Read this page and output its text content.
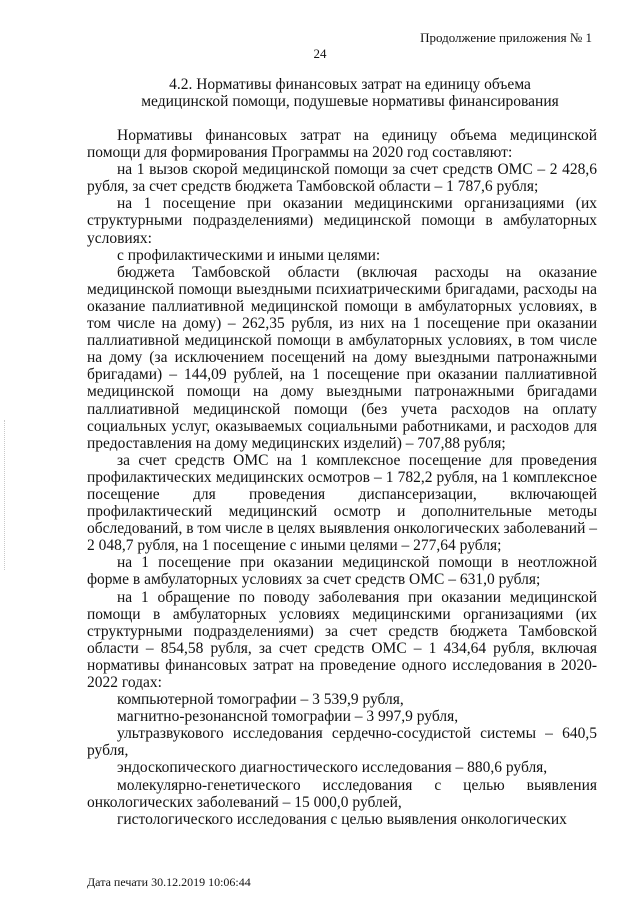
Продолжение приложения № 1
24
4.2. Нормативы финансовых затрат на единицу объема
медицинской помощи, подушевые нормативы финансирования

Нормативы финансовых затрат на единицу объема медицинской помощи для формирования Программы на 2020 год составляют:

на 1 вызов скорой медицинской помощи за счет средств ОМС – 2 428,6 рубля, за счет средств бюджета Тамбовской области – 1 787,6 рубля;

на 1 посещение при оказании медицинскими организациями (их структурными подразделениями) медицинской помощи в амбулаторных условиях:

с профилактическими и иными целями:

бюджета Тамбовской области (включая расходы на оказание медицинской помощи выездными психиатрическими бригадами, расходы на оказание паллиативной медицинской помощи в амбулаторных условиях, в том числе на дому) – 262,35 рубля, из них на 1 посещение при оказании паллиативной медицинской помощи в амбулаторных условиях, в том числе на дому (за исключением посещений на дому выездными патронажными бригадами) – 144,09 рублей, на 1 посещение при оказании паллиативной медицинской помощи на дому выездными патронажными бригадами паллиативной медицинской помощи (без учета расходов на оплату социальных услуг, оказываемых социальными работниками, и расходов для предоставления на дому медицинских изделий) – 707,88 рубля;

за счет средств ОМС на 1 комплексное посещение для проведения профилактических медицинских осмотров – 1 782,2 рубля, на 1 комплексное посещение для проведения диспансеризации, включающей профилактический медицинский осмотр и дополнительные методы обследований, в том числе в целях выявления онкологических заболеваний – 2 048,7 рубля, на 1 посещение с иными целями – 277,64 рубля;

на 1 посещение при оказании медицинской помощи в неотложной форме в амбулаторных условиях за счет средств ОМС – 631,0 рубля;

на 1 обращение по поводу заболевания при оказании медицинской помощи в амбулаторных условиях медицинскими организациями (их структурными подразделениями) за счет средств бюджета Тамбовской области – 854,58 рубля, за счет средств ОМС – 1 434,64 рубля, включая нормативы финансовых затрат на проведение одного исследования в 2020-2022 годах:

компьютерной томографии – 3 539,9 рубля,

магнитно-резонансной томографии – 3 997,9 рубля,

ультразвукового исследования сердечно-сосудистой системы – 640,5 рубля,

эндоскопического диагностического исследования – 880,6 рубля,

молекулярно-генетического исследования с целью выявления онкологических заболеваний – 15 000,0 рублей,

гистологического исследования с целью выявления онкологических

Дата печати 30.12.2019 10:06:44
